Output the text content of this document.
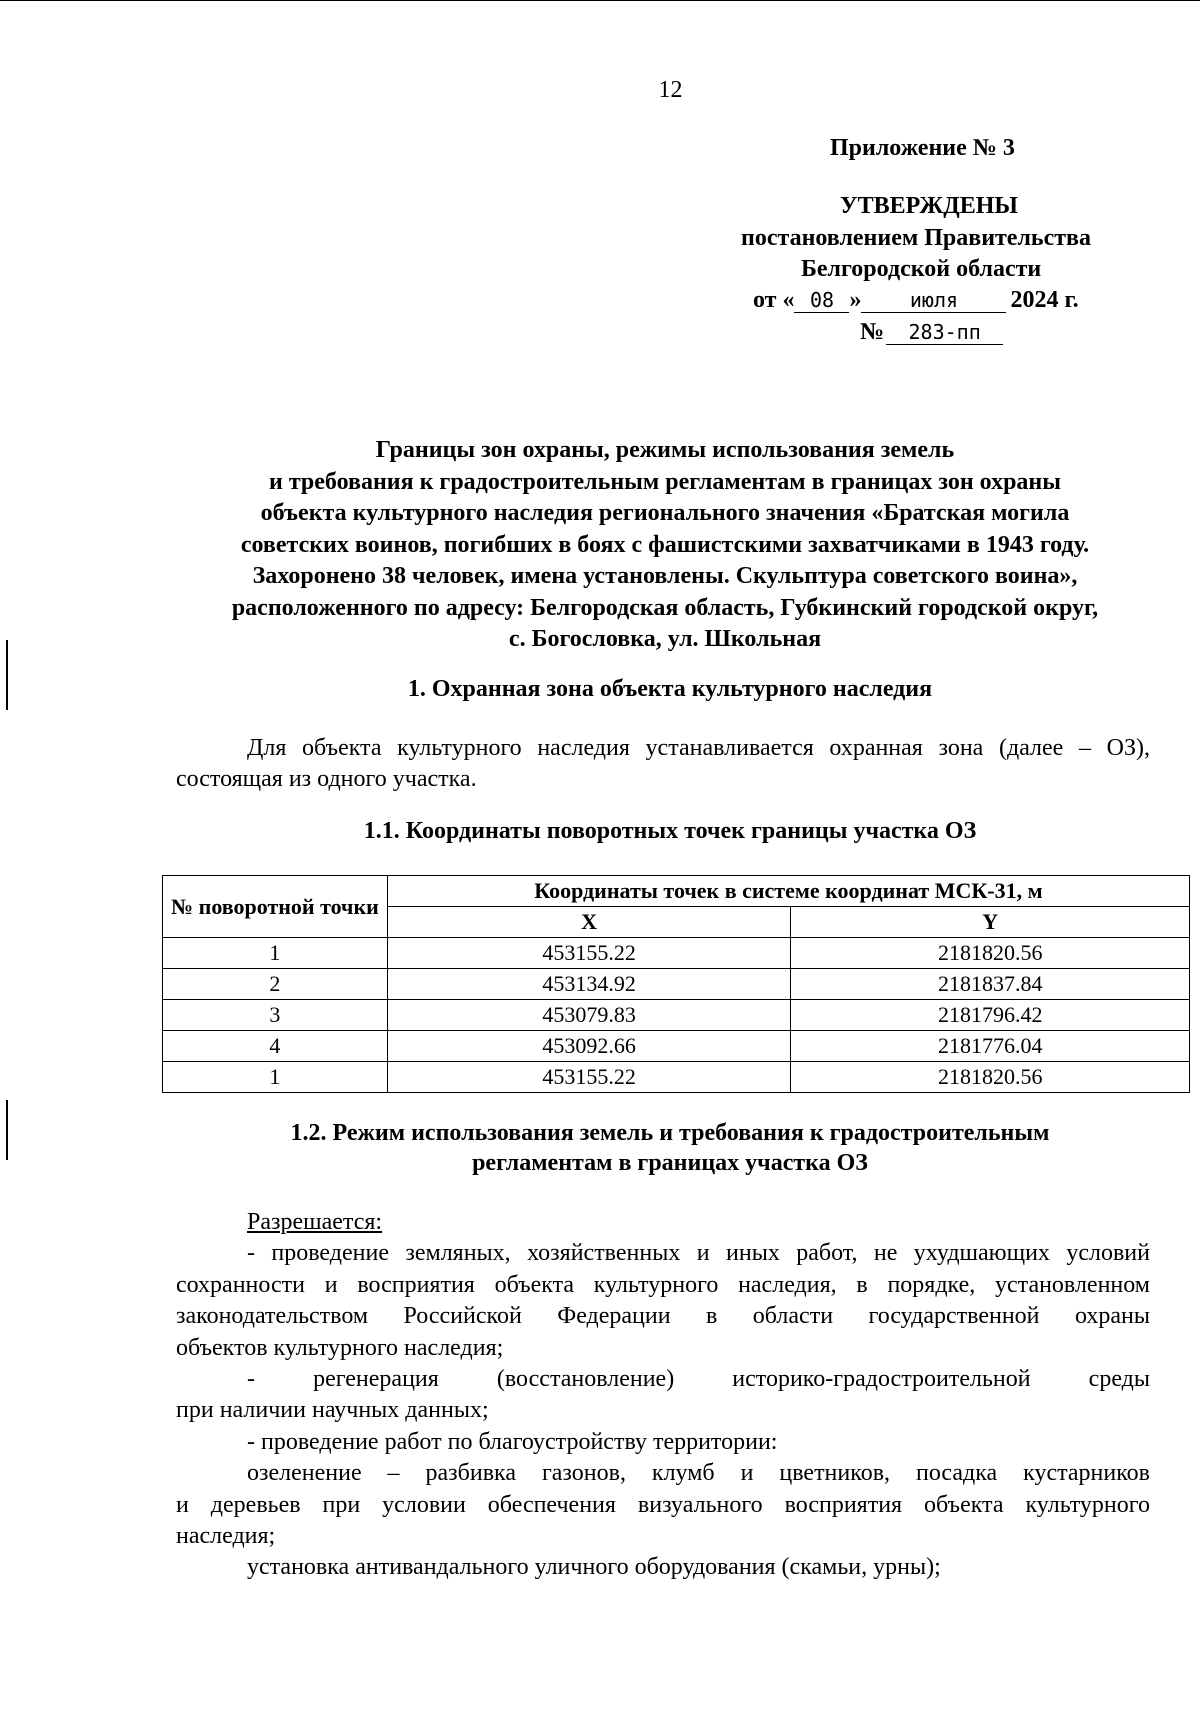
12
Приложение № 3
УТВЕРЖДЕНЫ
постановлением Правительства
Белгородской области
от « 08 » июля 2024 г.
№ 283-пп
Границы зон охраны, режимы использования земель
и требования к градостроительным регламентам в границах зон охраны
объекта культурного наследия регионального значения «Братская могила
советских воинов, погибших в боях с фашистскими захватчиками в 1943 году.
Захоронено 38 человек, имена установлены. Скульптура советского воина»,
расположенного по адресу: Белгородская область, Губкинский городской округ,
с. Богословка, ул. Школьная
1. Охранная зона объекта культурного наследия
Для объекта культурного наследия устанавливается охранная зона (далее – ОЗ),
состоящая из одного участка.
1.1. Координаты поворотных точек границы участка ОЗ
№ поворотной точки	Координаты точек в системе координат МСК-31, м	
	X	Y
1	453155.22	2181820.56
2	453134.92	2181837.84
3	453079.83	2181796.42
4	453092.66	2181776.04
1	453155.22	2181820.56
1.2. Режим использования земель и требования к градостроительным
регламентам в границах участка ОЗ
Разрешается:
- проведение земляных, хозяйственных и иных работ, не ухудшающих условий
сохранности и восприятия объекта культурного наследия, в порядке, установленном
законодательством Российской Федерации в области государственной охраны
объектов культурного наследия;
- регенерация (восстановление) историко-градостроительной среды
при наличии научных данных;
- проведение работ по благоустройству территории:
озеленение – разбивка газонов, клумб и цветников, посадка кустарников
и деревьев при условии обеспечения визуального восприятия объекта культурного
наследия;
установка антивандального уличного оборудования (скамьи, урны);
